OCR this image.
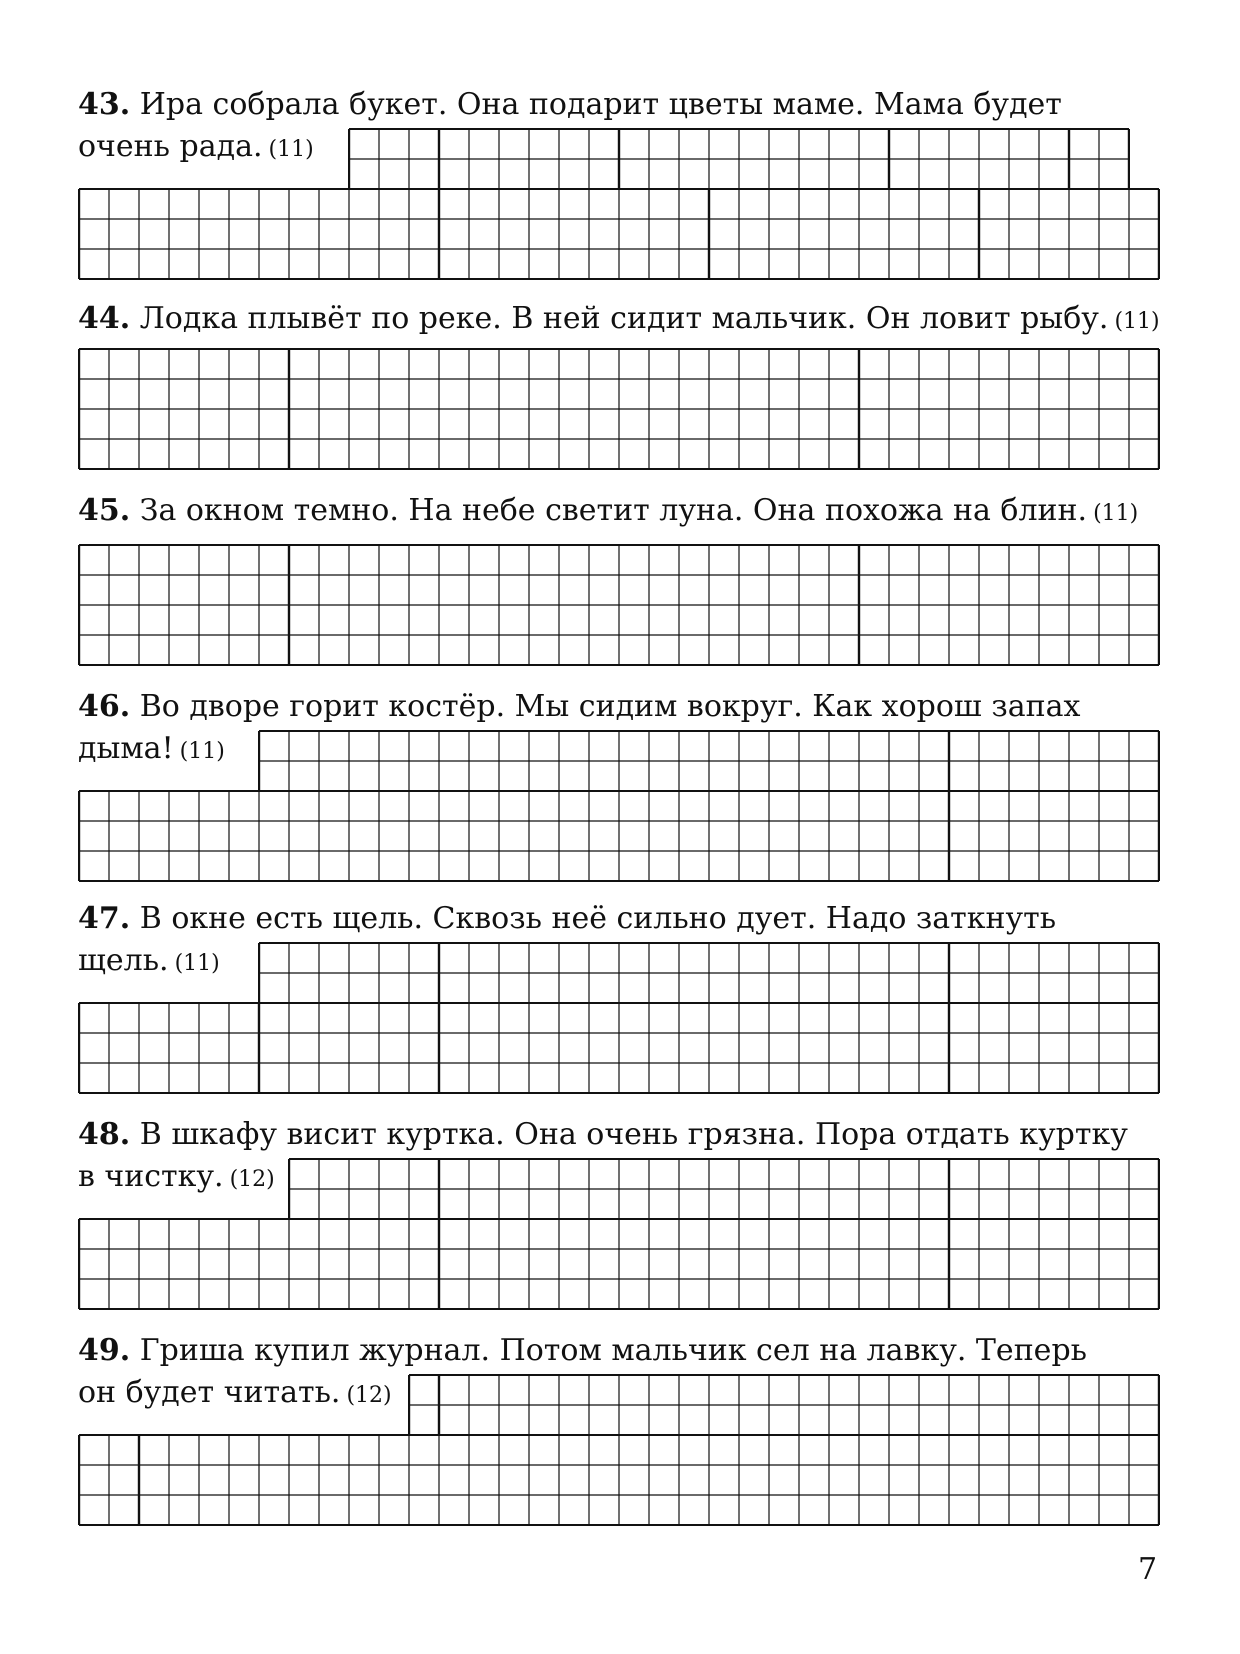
43. Ира собрала букет. Она подарит цветы маме. Мама будет
очень рада. (11)
44. Лодка плывёт по реке. В ней сидит мальчик. Он ловит рыбу. (11)
45. За окном темно. На небе светит луна. Она похожа на блин. (11)
46. Во дворе горит костёр. Мы сидим вокруг. Как хорош запах
дыма! (11)
47. В окне есть щель. Сквозь неё сильно дует. Надо заткнуть
щель. (11)
48. В шкафу висит куртка. Она очень грязна. Пора отдать куртку
в чистку. (12)
49. Гриша купил журнал. Потом мальчик сел на лавку. Теперь
он будет читать. (12)
7
